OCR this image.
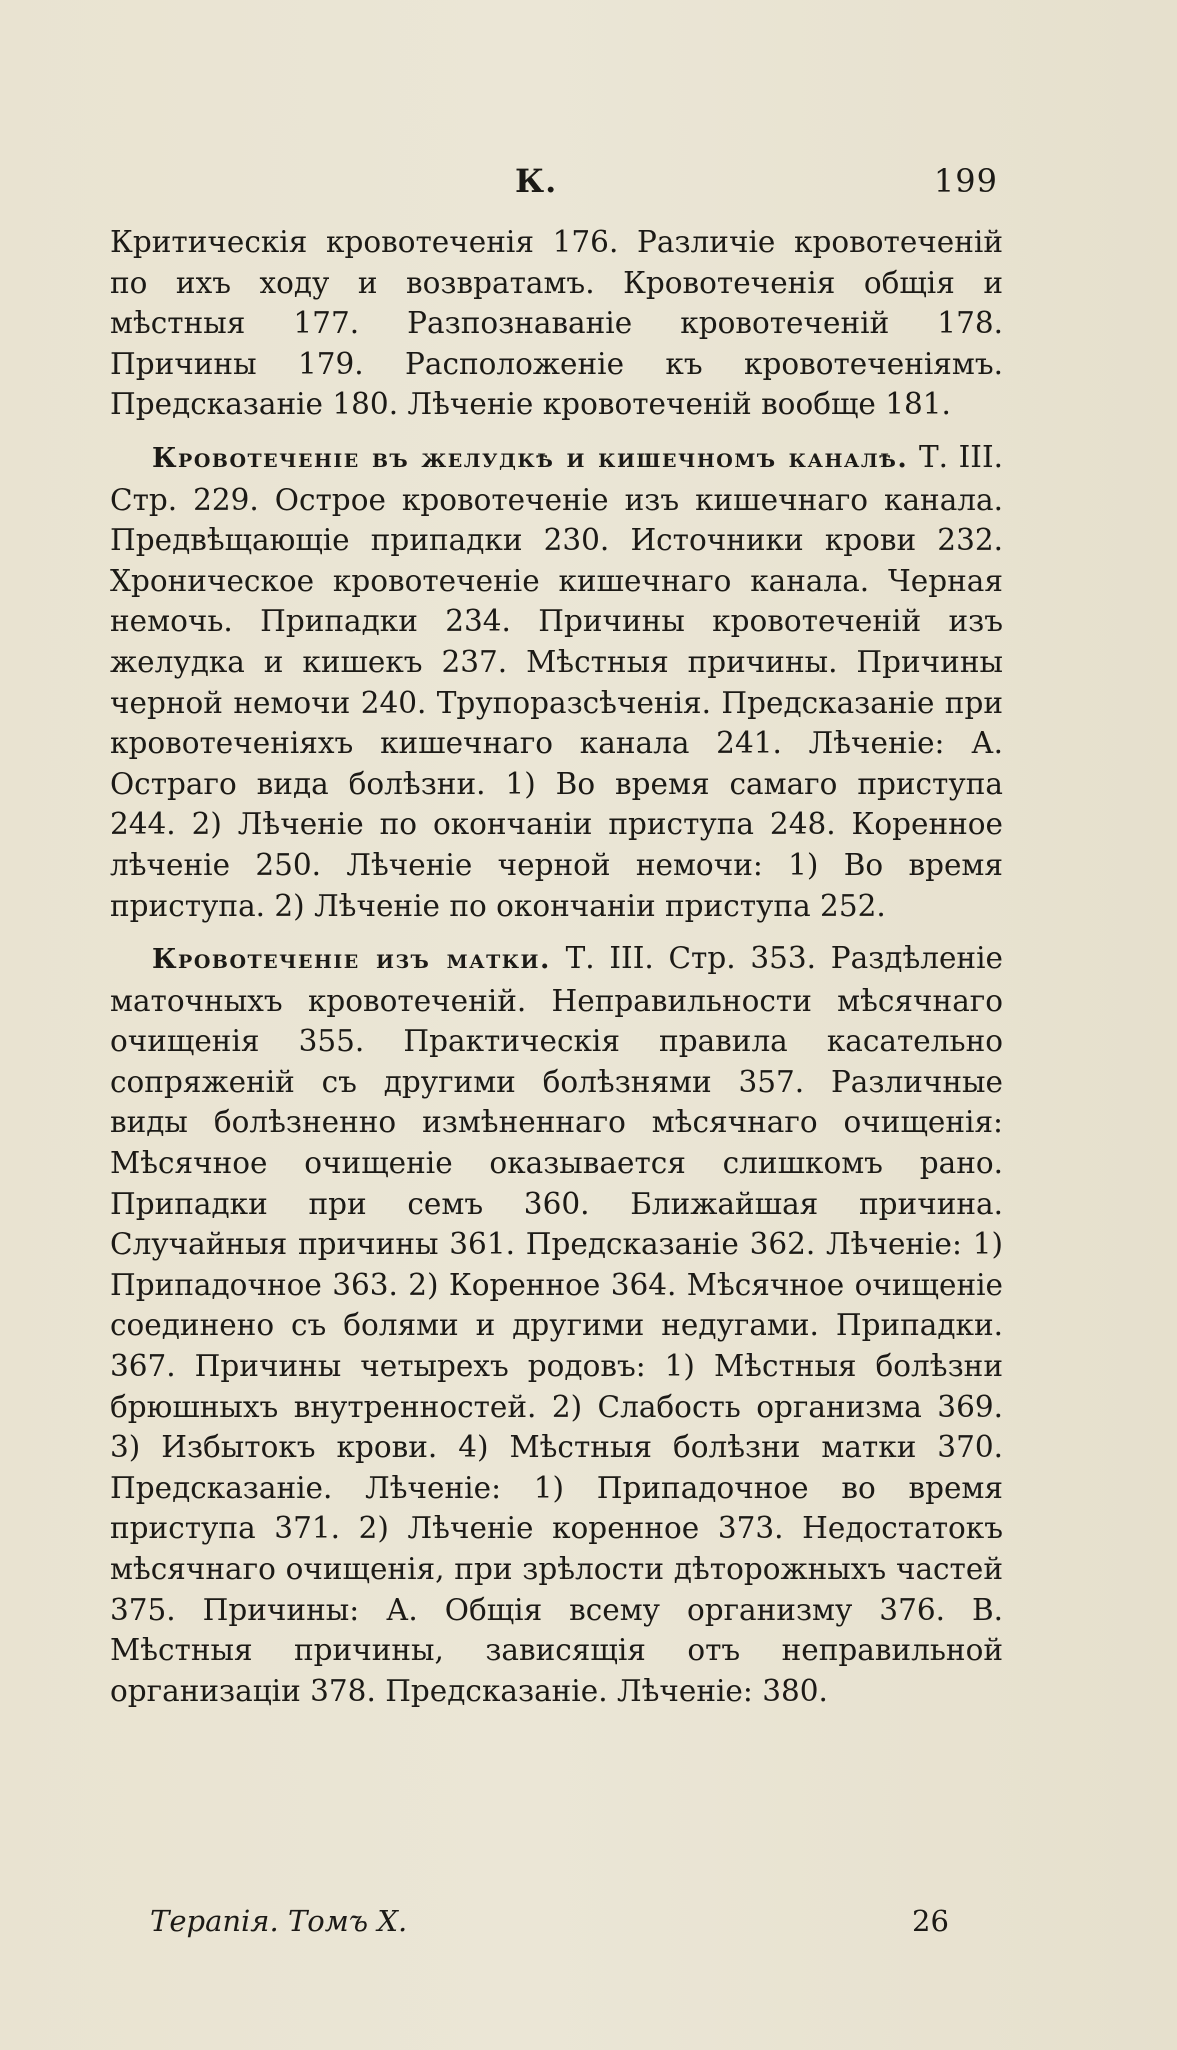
К.	199

Критическія кровотеченія 176. Различіе кровотеченій по ихъ ходу и возвратамъ. Кровотеченія общія и мѣстныя 177. Разпознаваніе кровотеченій 178. Причины 179. Расположеніе къ кровотеченіямъ. Предсказаніе 180. Лѣченіе кровотеченій вообще 181.

Кровотеченіе въ желудкѣ и кишечномъ каналѣ. Т. III. Стр. 229. Острое кровотеченіе изъ кишечнаго канала. Предвѣщающіе припадки 230. Источники крови 232. Хроническое кровотеченіе кишечнаго канала. Черная немочь. Припадки 234. Причины кровотеченій изъ желудка и кишекъ 237. Мѣстныя причины. Причины черной немочи 240. Трупоразсѣченія. Предсказаніе при кровотеченіяхъ кишечнаго канала 241. Лѣченіе: А. Остраго вида болѣзни. 1) Во время самаго приступа 244. 2) Лѣченіе по окончаніи приступа 248. Коренное лѣченіе 250. Лѣченіе черной немочи: 1) Во время приступа. 2) Лѣченіе по окончаніи приступа 252.

Кровотеченіе изъ матки. Т. III. Стр. 353. Раздѣленіе маточныхъ кровотеченій. Неправильности мѣсячнаго очищенія 355. Практическія правила касательно сопряженій съ другими болѣзнями 357. Различные виды болѣзненно измѣненнаго мѣсячнаго очищенія: Мѣсячное очищеніе оказывается слишкомъ рано. Припадки при семъ 360. Ближайшая причина. Случайныя причины 361. Предсказаніе 362. Лѣченіе: 1) Припадочное 363. 2) Коренное 364. Мѣсячное очищеніе соединено съ болями и другими недугами. Припадки. 367. Причины четырехъ родовъ: 1) Мѣстныя болѣзни брюшныхъ внутренностей. 2) Слабость организма 369. 3) Избытокъ крови. 4) Мѣстныя болѣзни матки 370. Предсказаніе. Лѣченіе: 1) Припадочное во время приступа 371. 2) Лѣченіе коренное 373. Недостатокъ мѣсячнаго очищенія, при зрѣлости дѣторожныхъ частей 375. Причины: А. Общія всему организму 376. В. Мѣстныя причины, зависящія отъ неправильной организаціи 378. Предсказаніе. Лѣченіе: 380.

Терапія. Томъ X.	26
